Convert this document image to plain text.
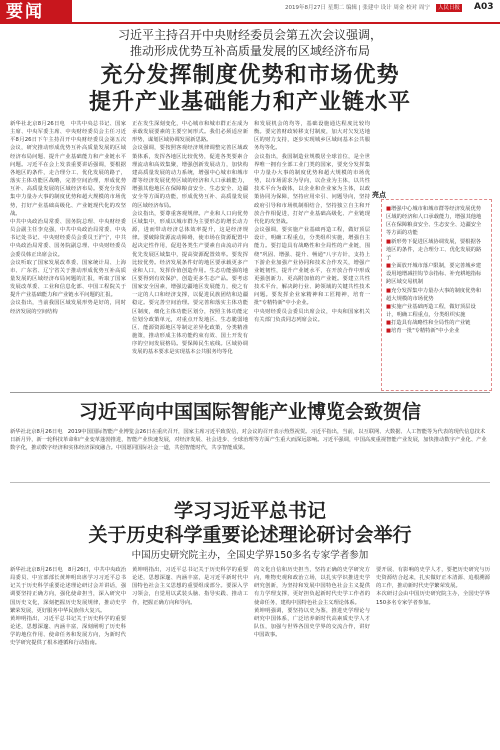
要闻	2019年8月27日 星期二 编辑 | 张建中 设计 周金 校对 周宁	人民日报 A03
习近平主持召开中央财经委员会第五次会议强调，
推动形成优势互补高质量发展的区域经济布局
充分发挥制度优势和市场优势
提升产业基础能力和产业链水平
新华社北京8月26日电　中共中央总书记、国家主席、中央军委主席、中央财经委员会主任习近平8月26日下午主持召开中央财经委员会第五次会议，研究推动形成优势互补高质量发展的区域经济布局问题、提升产业基础能力和产业链水平问题。习近平在会上发表重要讲话强调，要根据各地区的条件，走合理分工、优化发展的路子，落实主体功能区战略，完善空间治理，形成优势互补、高质量发展的区域经济布局。要充分发挥集中力量办大事的制度优势和超大规模的市场优势，打好产业基础高级化、产业链现代化的攻坚战。
中共中央政治局常委、国务院总理、中央财经委员会副主任李克强，中共中央政治局常委、中央书记处书记、中央财经委员会委员王沪宁，中共中央政治局常委、国务院副总理、中央财经委员会委员韩正出席会议。
会议听取了国家发展改革委、国家统计局、上海市、广东省、辽宁省关于推动形成优势互补高质量发展的区域经济布局问题的汇报，听取了国家发展改革委、工业和信息化部、中国工程院关于提升产业基础能力和产业链水平问题的汇报。
会议指出，当前我国区域发展形势是好的，同时经济发展的空间结构
正在发生深刻变化，中心城市和城市群正在成为承载发展要素的主要空间形式。我们必须适应新形势，谋划区域协调发展新思路。
会议强调，要按照客观经济规律调整完善区域政策体系，发挥各地区比较优势，促进各类要素合理流动和高效集聚，增强创新发展动力，加快构建高质量发展的动力系统，增强中心城市和城市群等经济发展优势区域的经济和人口承载能力，增强其他地区在保障粮食安全、生态安全、边疆安全等方面的功能，形成优势互补、高质量发展的区域经济布局。
会议指出，要尊重客观规律。产业和人口向优势区域集中，形成以城市群为主要形态的增长动力源，进而带动经济总体效率提升，这是经济规律。要破除资源流动障碍，使市场在资源配置中起决定性作用，促进各类生产要素自由流动并向优先发展区域集中，提高资源配置效率。要发挥比较优势。经济发展条件好的地区要承载更多产业和人口，发挥价值创造作用。生态功能强的地区要得到有效保护，创造更多生态产品。要考虑国家安全因素，增强边疆地区发展能力，使之有一定的人口和经济支撑，以促进民族团结和边疆稳定。要完善空间治理。要完善和落实主体功能区制度，细化主体功能区划分，按照主体功能定位划分政策单元，对重点开发地区、生态脆弱地区、能源资源地区等制定差异化政策，分类精准施策，推动形成主体功能约束有效、国土开发有序的空间发展格局。要保障民生底线。区域协调发展的基本要求是实现基本公共服务均等化
和发展机会的均等，基础设施通达程度比较均衡。要完善财政转移支付制度，加大对欠发达地区的财力支持，逐步实现城乡区域间基本公共服务均等化。
会议指出，我国制造业规模居全球首位，是全世界唯一拥有全部工业门类的国家，要充分发挥集中力量办大事的制度优势和超大规模的市场优势，以市场需求为导向，以企业为主体，以共性技术平台为载体，以企业和企业家为主体，以政策协同为保障，坚持应用牵引、问题导向，坚持政府引导和市场机制相结合，坚持独立自主和开放合作相促进，打好产业基础高级化、产业链现代化的攻坚战。
会议强调，要实施产业基础再造工程，做好顶层设计，明确工程重点，分类组织实施，增强自主能力。要打造具有战略性和全局性的产业链，围绕"巩固、增强、提升、畅通"八字方针，支持上下游企业加强产业协同和技术合作攻关，增强产业链韧性，提升产业链水平，在开放合作中形成更强创新力、更高附加值的产业链。要建立共性技术平台，解决跨行业、跨领域的关键共性技术问题。要发挥企业家精神和工匠精神，培育一批"专精特新"中小企业。
中央财经委员会委员出席会议，中央和国家机关有关部门负责同志列席会议。
亮点

■增强中心城市和城市群等经济发展优势区域的经济和人口承载能力，增强其他地区在保障粮食安全、生态安全、边疆安全等方面的功能

■新形势下促进区域协调发展，要根据各地区的条件，走合理分工、优化发展的路子

■全面放开城市落户限制，要完善城乡建设用地增减挂钩节余指标、补充耕地指标跨区域交易机制

■充分发挥集中力量办大事的制度优势和超大规模的市场优势

■实施产业基础再造工程，做好顶层设计，明确工程重点，分类组织实施

■打造具有战略性和全局性的产业链

■培育一批"专精特新"中小企业

习近平向中国国际智能产业博览会致贺信
新华社北京8月26日电　2019中国国际智能产业博览会26日在重庆召开，国家主席习近平致贺信，对会议的召开表示热烈祝贺。习近平指出，当前，以互联网、大数据、人工智能等为代表的现代信息技术日新月异，新一轮科技革命和产业变革蓬勃推进，智能产业快速发展，对经济发展、社会进步、全球治理等方面产生重大而深远影响。习近平强调，中国高度重视智能产业发展，加快推动数字产业化、产业数字化，推动数字经济和实体经济深度融合。中国愿同国际社会一道，共创智能时代，共享智能成果。
学习习近平总书记
关于历史科学重要论述理论研讨会举行
中国历史研究院主办，全国史学界150多名专家学者参加
新华社北京8月26日电　8月26日，中共中央政治局委员、中宣部部长黄坤明出席学习习近平总书记关于历史科学重要论述理论研讨会并讲话，强调要坚持正确方向，强化使命担当，深入研究中国历史文化，深刻把握历史发展规律，推动史学繁荣发展，更好服务中华民族伟大复兴。
黄坤明指出，习近平总书记关于历史科学的重要论述，思想深邃、内涵丰富，深刻阐明了历史科学的地位作用、使命任务和发展方向，为新时代史学研究提供了根本遵循和行动指南。
黄坤明指出，习近平总书记关于历史科学的重要论述，思想深邃、内涵丰富，是习近平新时代中国特色社会主义思想的重要组成部分。要深入学习领会，自觉用以武装头脑、指导实践、推动工作，把握正确方向和导向。
的文化自信和历史担当，坚持正确的史学研究方向，唯物史观和政治立场，以扎实学识推进史学研究创新，为坚持和发展中国特色社会主义提供有力学理支撑，更好担负起新时代史学工作者的使命任务，建构中国特色社会主义理论体系。
黄坤明强调，要坚持以史为鉴，推进史学理论与研究中国体系，广泛培养新时代高素质史学人才队伍，加强与世界各国史学界的交流合作，讲好中国故事。
要开展、有影响的史学人才，要把历史研究与历史资源结合起来，扎实做好正本清源、追根溯源的工作，推动新时代史学繁荣发展。
本次研讨会由中国历史研究院主办，全国史学界150多名专家学者参加。
